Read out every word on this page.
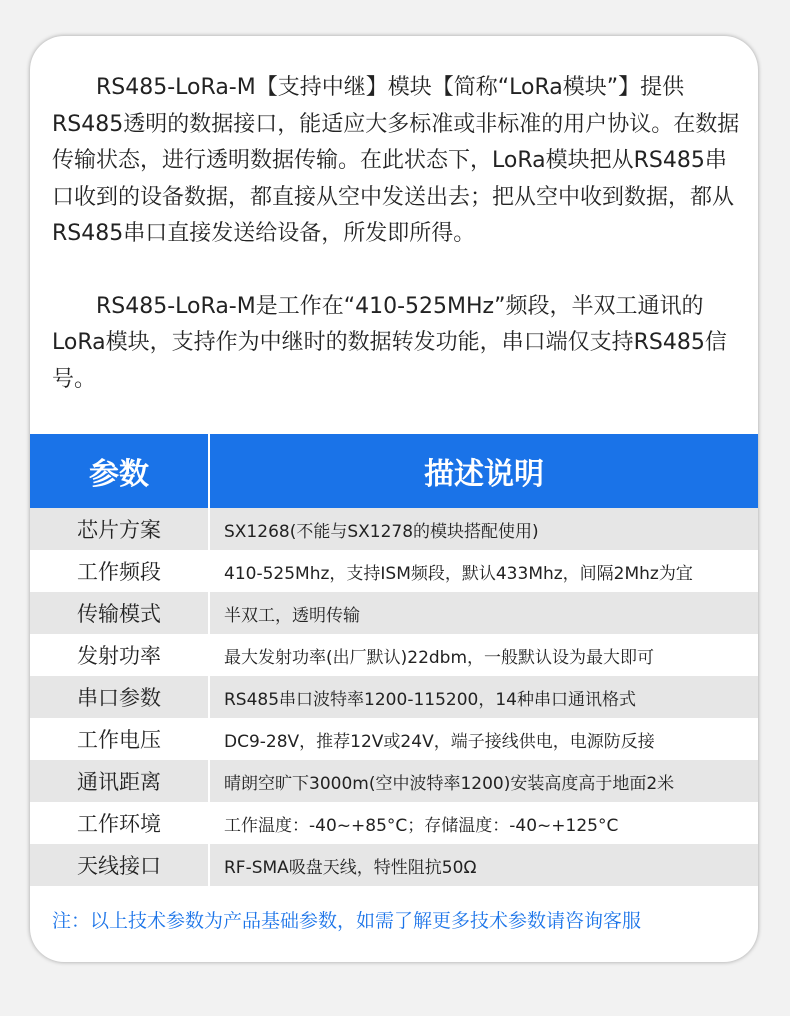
RS485-LoRa-M【支持中继】模块【简称“LoRa模块”】提供RS485透明的数据接口，能适应大多标准或非标准的用户协议。在数据传输状态，进行透明数据传输。在此状态下，LoRa模块把从RS485串口收到的设备数据，都直接从空中发送出去；把从空中收到数据，都从RS485串口直接发送给设备，所发即所得。

RS485-LoRa-M是工作在“410-525MHz”频段，半双工通讯的LoRa模块，支持作为中继时的数据转发功能，串口端仅支持RS485信号。

参数	描述说明
芯片方案	SX1268(不能与SX1278的模块搭配使用)
工作频段	410-525Mhz，支持ISM频段，默认433Mhz，间隔2Mhz为宜
传输模式	半双工，透明传输
发射功率	最大发射功率(出厂默认)22dbm，一般默认设为最大即可
串口参数	RS485串口波特率1200-115200，14种串口通讯格式
工作电压	DC9-28V，推荐12V或24V，端子接线供电，电源防反接
通讯距离	晴朗空旷下3000m(空中波特率1200)安装高度高于地面2米
工作环境	工作温度：-40~+85°C；存储温度：-40~+125°C
天线接口	RF-SMA吸盘天线，特性阻抗50Ω
注：以上技术参数为产品基础参数，如需了解更多技术参数请咨询客服
